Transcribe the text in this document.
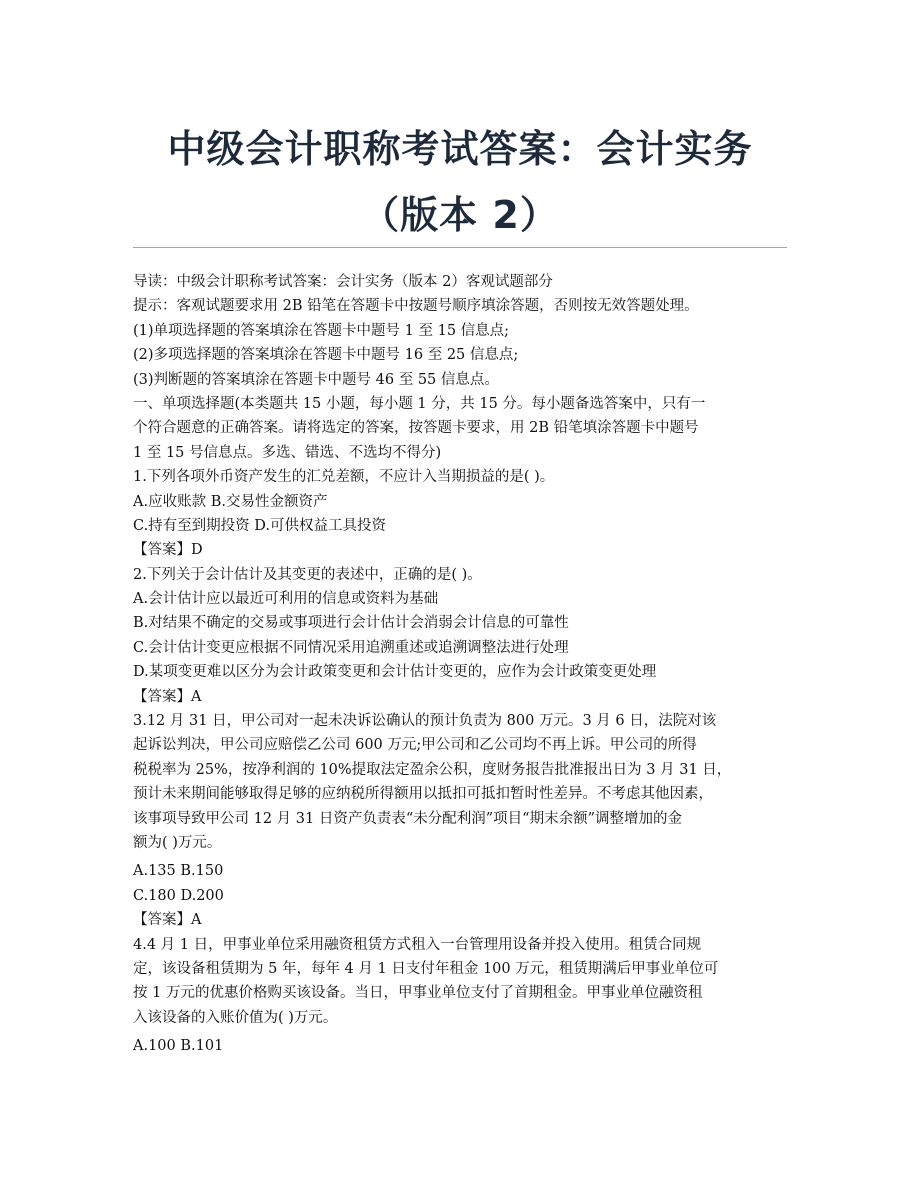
中级会计职称考试答案：会计实务
（版本 2）
导读：中级会计职称考试答案：会计实务（版本 2）客观试题部分
提示：客观试题要求用 2B 铅笔在答题卡中按题号顺序填涂答题，否则按无效答题处理。
(1)单项选择题的答案填涂在答题卡中题号 1 至 15 信息点;
(2)多项选择题的答案填涂在答题卡中题号 16 至 25 信息点;
(3)判断题的答案填涂在答题卡中题号 46 至 55 信息点。
一、单项选择题(本类题共 15 小题，每小题 1 分，共 15 分。每小题备选答案中，只有一
个符合题意的正确答案。请将选定的答案，按答题卡要求，用 2B 铅笔填涂答题卡中题号
1 至 15 号信息点。多选、错选、不选均不得分)
1.下列各项外币资产发生的汇兑差额，不应计入当期损益的是( )。
A.应收账款 B.交易性金额资产
C.持有至到期投资 D.可供权益工具投资
【答案】D
2.下列关于会计估计及其变更的表述中，正确的是( )。
A.会计估计应以最近可利用的信息或资料为基础
B.对结果不确定的交易或事项进行会计估计会消弱会计信息的可靠性
C.会计估计变更应根据不同情况采用追溯重述或追溯调整法进行处理
D.某项变更难以区分为会计政策变更和会计估计变更的，应作为会计政策变更处理
【答案】A
3.12 月 31 日，甲公司对一起未决诉讼确认的预计负责为 800 万元。3 月 6 日，法院对该
起诉讼判决，甲公司应赔偿乙公司 600 万元;甲公司和乙公司均不再上诉。甲公司的所得
税税率为 25%，按净利润的 10%提取法定盈余公积，度财务报告批准报出日为 3 月 31 日，
预计未来期间能够取得足够的应纳税所得额用以抵扣可抵扣暂时性差异。不考虑其他因素，
该事项导致甲公司 12 月 31 日资产负责表“未分配利润”项目“期末余额”调整增加的金
额为( )万元。
A.135 B.150
C.180 D.200
【答案】A
4.4 月 1 日，甲事业单位采用融资租赁方式租入一台管理用设备并投入使用。租赁合同规
定，该设备租赁期为 5 年，每年 4 月 1 日支付年租金 100 万元，租赁期满后甲事业单位可
按 1 万元的优惠价格购买该设备。当日，甲事业单位支付了首期租金。甲事业单位融资租
入该设备的入账价值为( )万元。
A.100 B.101
